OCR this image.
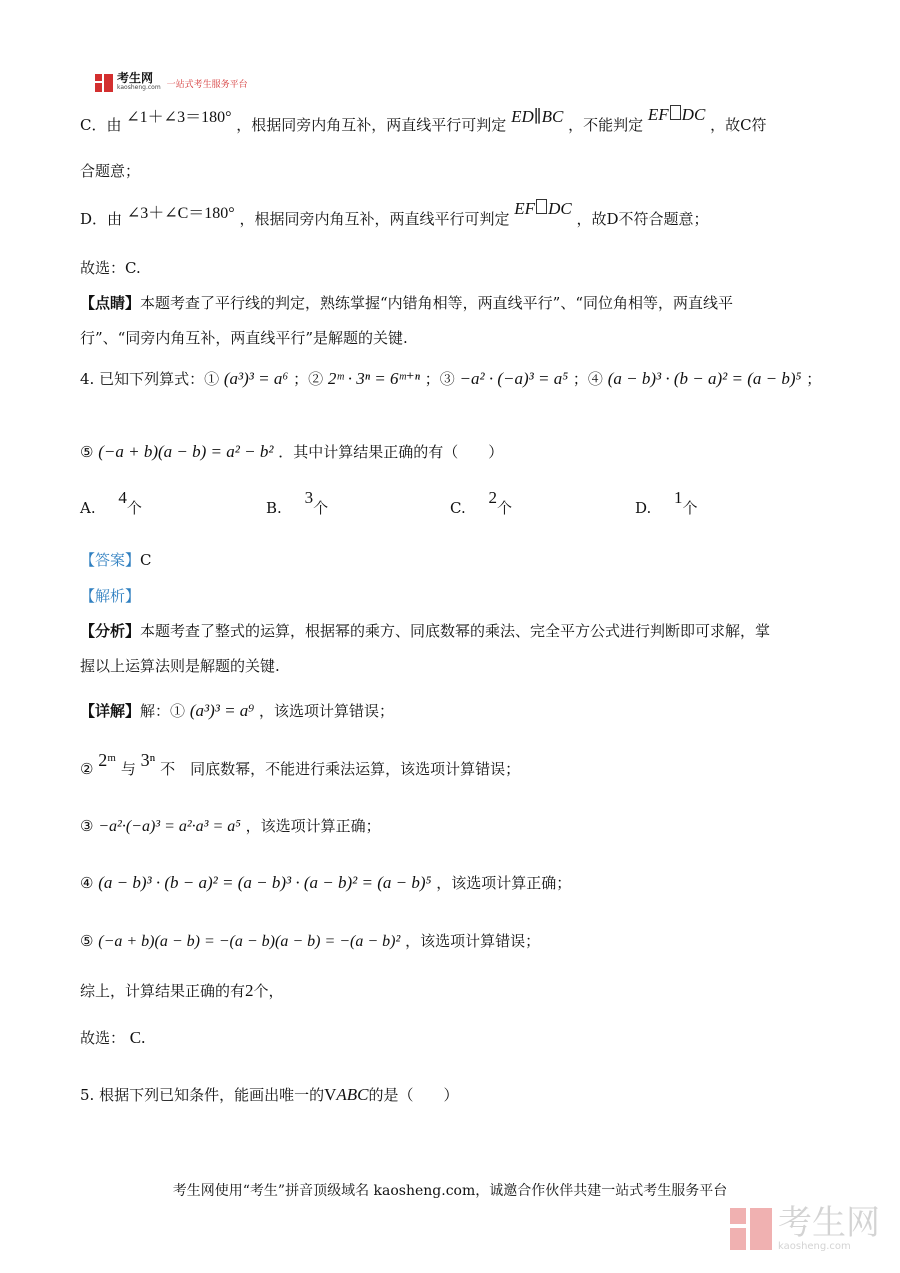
考生网
kaosheng.com 一站式考生服务平台
C．由 ∠1＋∠3＝180° ，根据同旁内角互补，两直线平行可判定 ED∥BC ，不能判定 EF DC ，故C符
合题意；
D．由 ∠3＋∠C＝180° ，根据同旁内角互补，两直线平行可判定 EF DC ，故D不符合题意；
故选：C.
【点睛】本题考查了平行线的判定，熟练掌握“内错角相等，两直线平行”、“同位角相等，两直线平
行”、“同旁内角互补，两直线平行”是解题的关键.
4. 已知下列算式：① (a³)³ = a⁶ ；② 2ᵐ · 3ⁿ = 6ᵐ⁺ⁿ ；③ −a² · (−a)³ = a⁵ ；④ (a − b)³ · (b − a)² = (a − b)⁵ ；
⑤ (−a + b)(a − b) = a² − b² ．其中计算结果正确的有（　　）
A. 4个	B. 3个	C. 2个	D. 1个
【答案】C
【解析】
【分析】本题考查了整式的运算，根据幂的乘方、同底数幂的乘法、完全平方公式进行判断即可求解，掌
握以上运算法则是解题的关键.
【详解】解：① (a³)³ = a⁹ ，该选项计算错误；
② 2ᵐ 与 3ⁿ 不　同底数幂，不能进行乘法运算，该选项计算错误；
③ −a²·(−a)³ = a²·a³ = a⁵ ，该选项计算正确；
④ (a − b)³ · (b − a)² = (a − b)³ · (a − b)² = (a − b)⁵ ，该选项计算正确；
⑤ (−a + b)(a − b) = −(a − b)(a − b) = −(a − b)² ，该选项计算错误；
综上，计算结果正确的有2个，
故选： C.
5. 根据下列已知条件，能画出唯一的VABC的是（　　）
考生网使用“考生”拼音顶级域名 kaosheng.com，诚邀合作伙伴共建一站式考生服务平台
考生网
kaosheng.com
